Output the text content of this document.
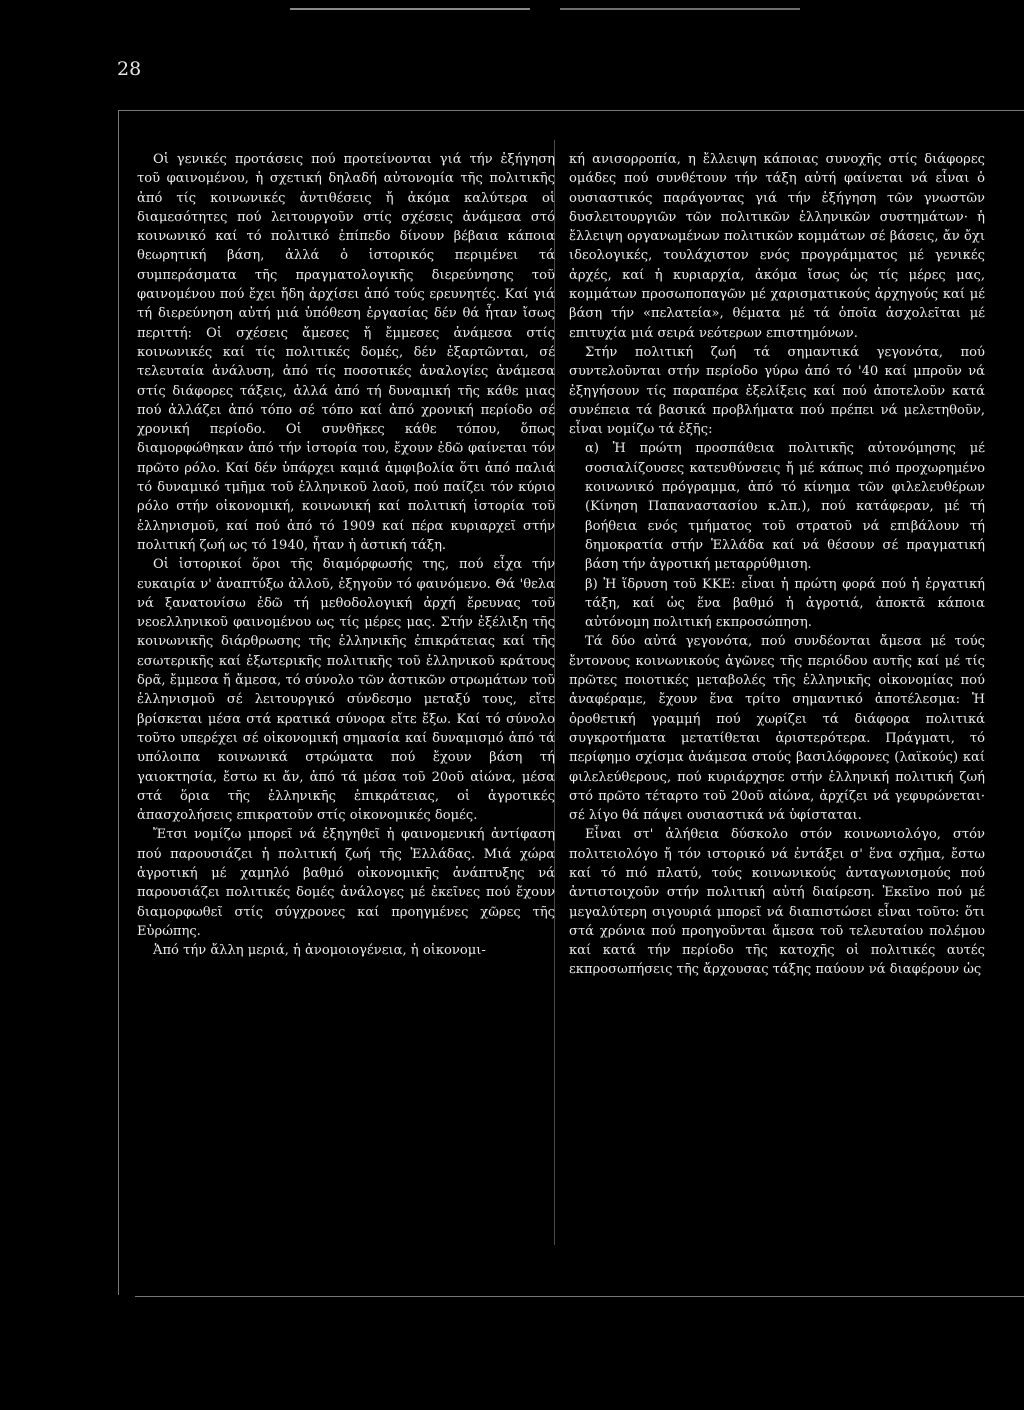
28

Οἱ γενικές προτάσεις πού προτείνονται γιά τήν ἐξήγηση τοῦ φαινομένου, ἡ σχετική δηλαδή αὐτονομία τῆς πολιτικῆς ἀπό τίς κοινωνικές ἀντιθέσεις ἤ ἀκόμα καλύτερα οἱ διαμεσότητες πού λειτουργοῦν στίς σχέσεις ἀνάμεσα στό κοινωνικό καί τό πολιτικό ἐπίπεδο δίνουν βέβαια κάποια θεωρητική βάση, ἀλλά ὁ ἱστορικός περιμένει τά συμπεράσματα τῆς πραγματολογικῆς διερεύνησης τοῦ φαινομένου πού ἔχει ἤδη ἀρχίσει ἀπό τούς ερευνητές. Καί γιά τή διερεύνηση αὐτή μιά ὑπόθεση ἐργασίας δέν θά ἦταν ἴσως περιττή: Οἱ σχέσεις ἄμεσες ἤ ἔμμεσες ἀνάμεσα στίς κοινωνικές καί τίς πολιτικές δομές, δέν ἐξαρτῶνται, σέ τελευταία ἀνάλυση, ἀπό τίς ποσοτικές ἀναλογίες ἀνάμεσα στίς διάφορες τάξεις, ἀλλά ἀπό τή δυναμική τῆς κάθε μιας πού ἀλλάζει ἀπό τόπο σέ τόπο καί ἀπό χρονική περίοδο σέ χρονική περίοδο. Οἱ συνθῆκες κάθε τόπου, ὅπως διαμορφώθηκαν ἀπό τήν ἱστορία του, ἔχουν ἐδῶ φαίνεται τόν πρῶτο ρόλο. Καί δέν ὑπάρχει καμιά ἀμφιβολία ὅτι ἀπό παλιά τό δυναμικό τμῆμα τοῦ ἑλληνικοῦ λαοῦ, πού παίζει τόν κύριο ρόλο στήν οἰκονομική, κοινωνική καί πολιτική ἱστορία τοῦ ἑλληνισμοῦ, καί πού ἀπό τό 1909 καί πέρα κυριαρχεῖ στήν πολιτική ζωή ως τό 1940, ἦταν ἡ ἀστική τάξη.

Οἱ ἱστορικοί ὅροι τῆς διαμόρφωσής της, πού εἶχα τήν ευκαιρία ν' ἀναπτύξω ἀλλοῦ, ἐξηγοῦν τό φαινόμενο. Θά 'θελα νά ξανατονίσω ἐδῶ τή μεθοδολογική ἀρχή ἔρευνας τοῦ νεοελληνικοῦ φαινομένου ως τίς μέρες μας. Στήν ἐξέλιξη τῆς κοινωνικῆς διάρθρωσης τῆς ἑλληνικῆς ἐπικράτειας καί τῆς εσωτερικῆς καί ἐξωτερικῆς πολιτικῆς τοῦ ἑλληνικοῦ κράτους δρᾶ, ἔμμεσα ἤ ἄμεσα, τό σύνολο τῶν ἀστικῶν στρωμάτων τοῦ ἑλληνισμοῦ σέ λειτουργικό σύνδεσμο μεταξύ τους, εἴτε βρίσκεται μέσα στά κρατικά σύνορα εἴτε ἔξω. Καί τό σύνολο τοῦτο υπερέχει σέ οἰκονομική σημασία καί δυναμισμό ἀπό τά υπόλοιπα κοινωνικά στρώματα πού ἔχουν βάση τή γαιοκτησία, ἔστω κι ἄν, ἀπό τά μέσα τοῦ 20οῦ αἰώνα, μέσα στά ὅρια τῆς ἑλληνικῆς ἐπικράτειας, οἱ ἀγροτικές ἀπασχολήσεις επικρατοῦν στίς οἰκονομικές δομές.

Ἔτσι νομίζω μπορεῖ νά ἐξηγηθεῖ ἡ φαινομενική ἀντίφαση πού παρουσιάζει ἡ πολιτική ζωή τῆς Ἑλλάδας. Μιά χώρα ἀγροτική μέ χαμηλό βαθμό οἰκονομικῆς ἀνάπτυξης νά παρουσιάζει πολιτικές δομές ἀνάλογες μέ ἐκεῖνες πού ἔχουν διαμορφωθεῖ στίς σύγχρονες καί προηγμένες χῶρες τῆς Εὐρώπης.

Ἀπό τήν ἄλλη μεριά, ἡ ἀνομοιογένεια, ἡ οἰκονομι-

κή ανισορροπία, η ἔλλειψη κάποιας συνοχῆς στίς διάφορες ομάδες πού συνθέτουν τήν τάξη αὐτή φαίνεται νά εἶναι ὁ ουσιαστικός παράγοντας γιά τήν ἐξήγηση τῶν γνωστῶν δυσλειτουργιῶν τῶν πολιτικῶν ἑλληνικῶν συστημάτων· ἡ ἔλλειψη οργανωμένων πολιτικῶν κομμάτων σέ βάσεις, ἄν ὄχι ιδεολογικές, τουλάχιστον ενός προγράμματος μέ γενικές ἀρχές, καί ἡ κυριαρχία, ἀκόμα ἴσως ὡς τίς μέρες μας, κομμάτων προσωποπαγῶν μέ χαρισματικούς ἀρχηγούς καί μέ βάση τήν «πελατεία», θέματα μέ τά ὁποῖα ἀσχολεῖται μέ επιτυχία μιά σειρά νεότερων επιστημόνων.

Στήν πολιτική ζωή τά σημαντικά γεγονότα, πού συντελοῦνται στήν περίοδο γύρω ἀπό τό '40 καί μπροῦν νά ἐξηγήσουν τίς παραπέρα ἐξελίξεις καί πού ἀποτελοῦν κατά συνέπεια τά βασικά προβλήματα πού πρέπει νά μελετηθοῦν, εἶναι νομίζω τά ἑξῆς:

α) Ἡ πρώτη προσπάθεια πολιτικῆς αὐτονόμησης μέ σοσιαλίζουσες κατευθύνσεις ἤ μέ κάπως πιό προχωρημένο κοινωνικό πρόγραμμα, ἀπό τό κίνημα τῶν φιλελευθέρων (Κίνηση Παπαναστασίου κ.λπ.), πού κατάφεραν, μέ τή βοήθεια ενός τμήματος τοῦ στρατοῦ νά επιβάλουν τή δημοκρατία στήν Ἑλλάδα καί νά θέσουν σέ πραγματική βάση τήν ἀγροτική μεταρρύθμιση.

β) Ἡ ἵδρυση τοῦ ΚΚΕ: εἶναι ἡ πρώτη φορά πού ἡ ἐργατική τάξη, καί ὡς ἕνα βαθμό ἡ ἀγροτιά, ἀποκτᾶ κάποια αὐτόνομη πολιτική εκπροσώπηση.

Τά δύο αὐτά γεγονότα, πού συνδέονται ἄμεσα μέ τούς ἔντονους κοινωνικούς ἀγῶνες τῆς περιόδου αυτῆς καί μέ τίς πρῶτες ποιοτικές μεταβολές τῆς ἑλληνικῆς οἰκονομίας πού ἀναφέραμε, ἔχουν ἕνα τρίτο σημαντικό ἀποτέλεσμα: Ἡ ὀροθετική γραμμή πού χωρίζει τά διάφορα πολιτικά συγκροτήματα μετατίθεται ἀριστερότερα. Πράγματι, τό περίφημο σχίσμα ἀνάμεσα στούς βασιλόφρονες (λαϊκούς) καί φιλελεύθερους, πού κυριάρχησε στήν ἑλληνική πολιτική ζωή στό πρῶτο τέταρτο τοῦ 20οῦ αἰώνα, ἀρχίζει νά γεφυρώνεται· σέ λίγο θά πάψει ουσιαστικά νά ὑφίσταται.

Εἶναι στ' ἀλήθεια δύσκολο στόν κοινωνιολόγο, στόν πολιτειολόγο ἤ τόν ιστορικό νά ἐντάξει σ' ἕνα σχῆμα, ἔστω καί τό πιό πλατύ, τούς κοινωνικούς ἀνταγωνισμούς πού ἀντιστοιχοῦν στήν πολιτική αὐτή διαίρεση. Ἐκεῖνο πού μέ μεγαλύτερη σιγουριά μπορεῖ νά διαπιστώσει εἶναι τοῦτο: ὅτι στά χρόνια πού προηγοῦνται ἄμεσα τοῦ τελευταίου πολέμου καί κατά τήν περίοδο τῆς κατοχῆς οἱ πολιτικές αυτές εκπροσωπήσεις τῆς ἄρχουσας τάξης παύουν νά διαφέρουν ὡς
